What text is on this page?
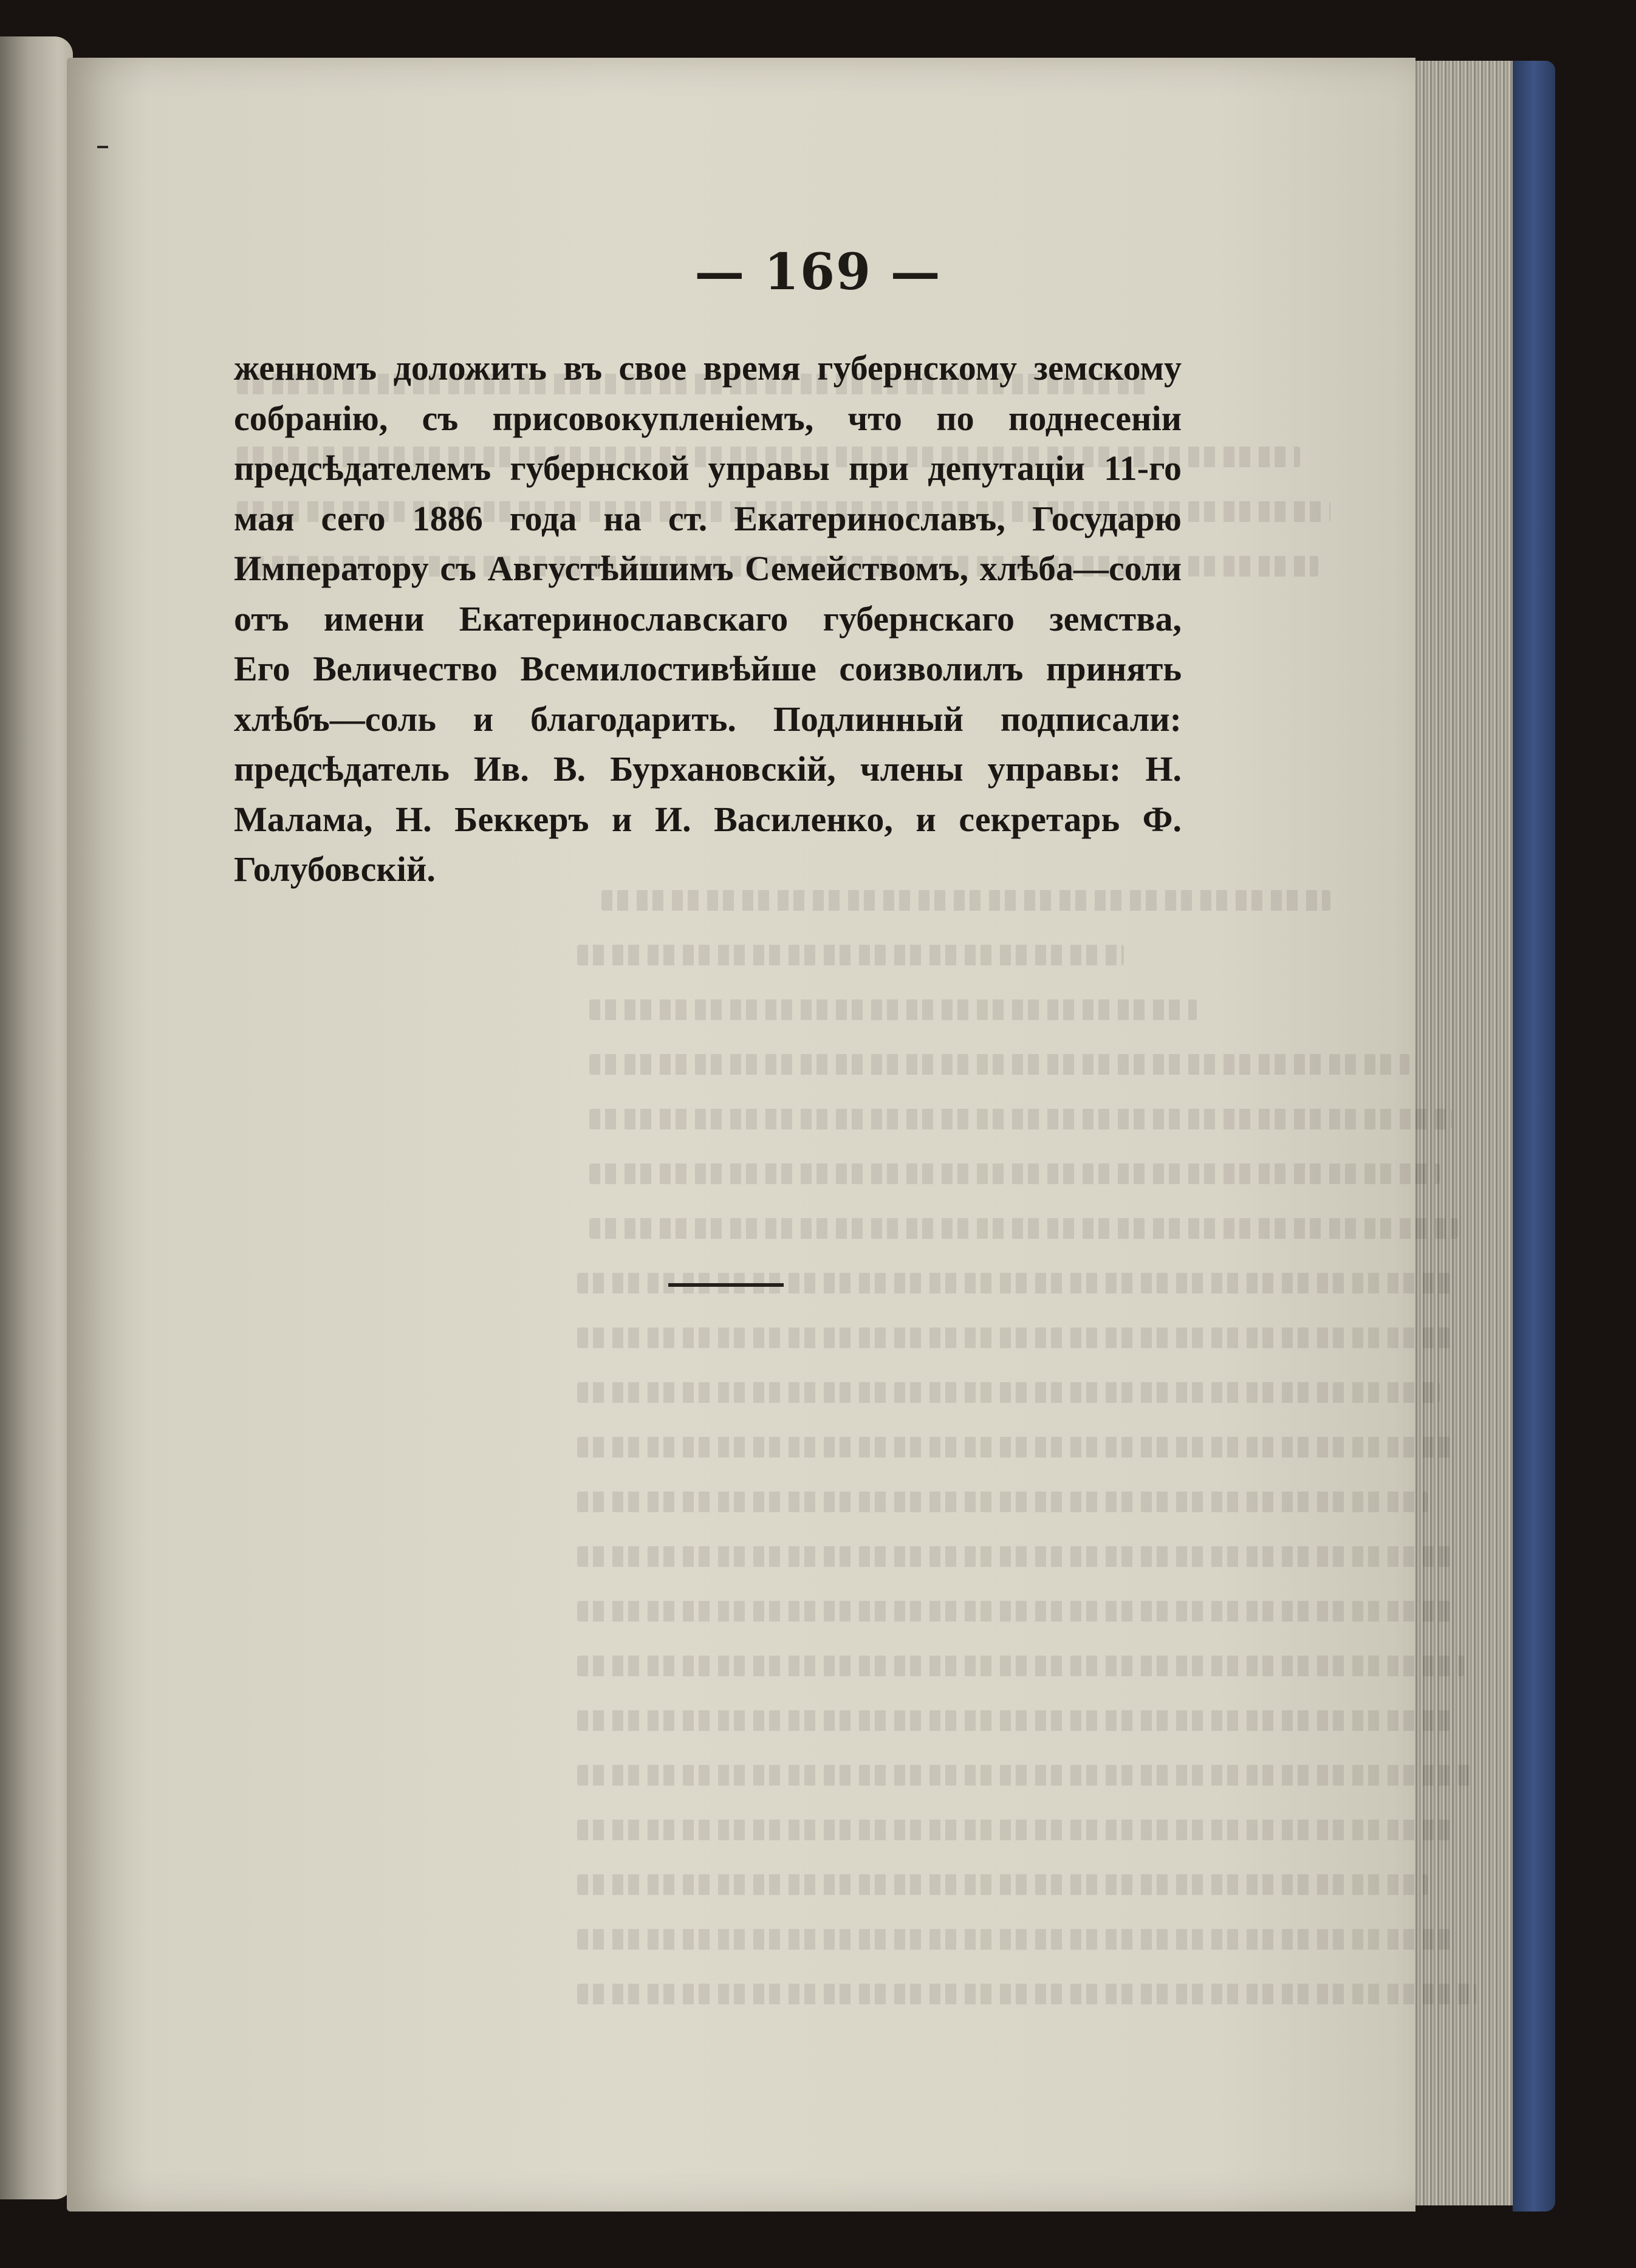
— 169 —
женномъ доложить въ свое время губернскому земскому
собранію, съ присовокупленіемъ, что по поднесеніи
предсѣдателемъ губернской управы при депутаціи 11-го
мая сего 1886 года на ст. Екатеринославъ, Государю
Императору съ Августѣйшимъ Семействомъ, хлѣба—соли
отъ имени Екатеринославскаго губернскаго земства,
Его Величество Всемилостивѣйше соизволилъ принять
хлѣбъ—соль и благодарить. Подлинный подписали:
предсѣдатель Ив. В. Бурхановскій, члены управы: Н.
Малама, Н. Беккеръ и И. Василенко, и секретарь Ф.
Голубовскій.
